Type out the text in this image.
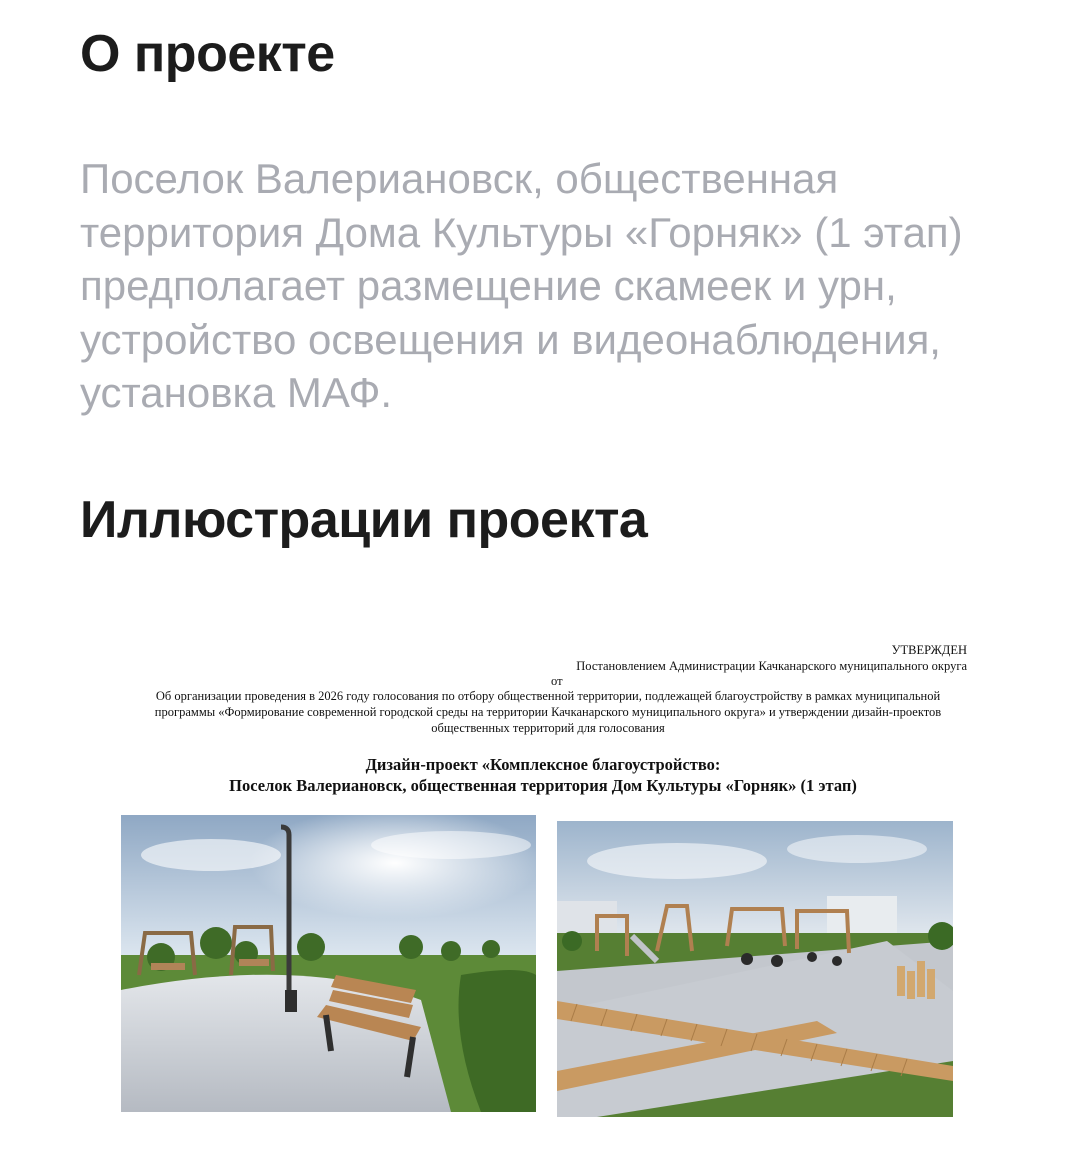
О проекте

Поселок Валериановск, общественная территория Дома Культуры «Горняк» (1 этап) предполагает размещение скамеек и урн, устройство освещения и видеонаблюдения, установка МАФ.

Иллюстрации проекта
УТВЕРЖДЕН
Постановлением Администрации Качканарского муниципального округа
от
Об организации проведения в 2026 году голосования по отбору общественной территории, подлежащей благоустройству в рамках муниципальной программы «Формирование современной городской среды на территории Качканарского муниципального округа» и утверждении дизайн-проектов общественных территорий для голосования
Дизайн-проект «Комплексное благоустройство:
Поселок Валериановск, общественная территория Дом Культуры «Горняк» (1 этап)
